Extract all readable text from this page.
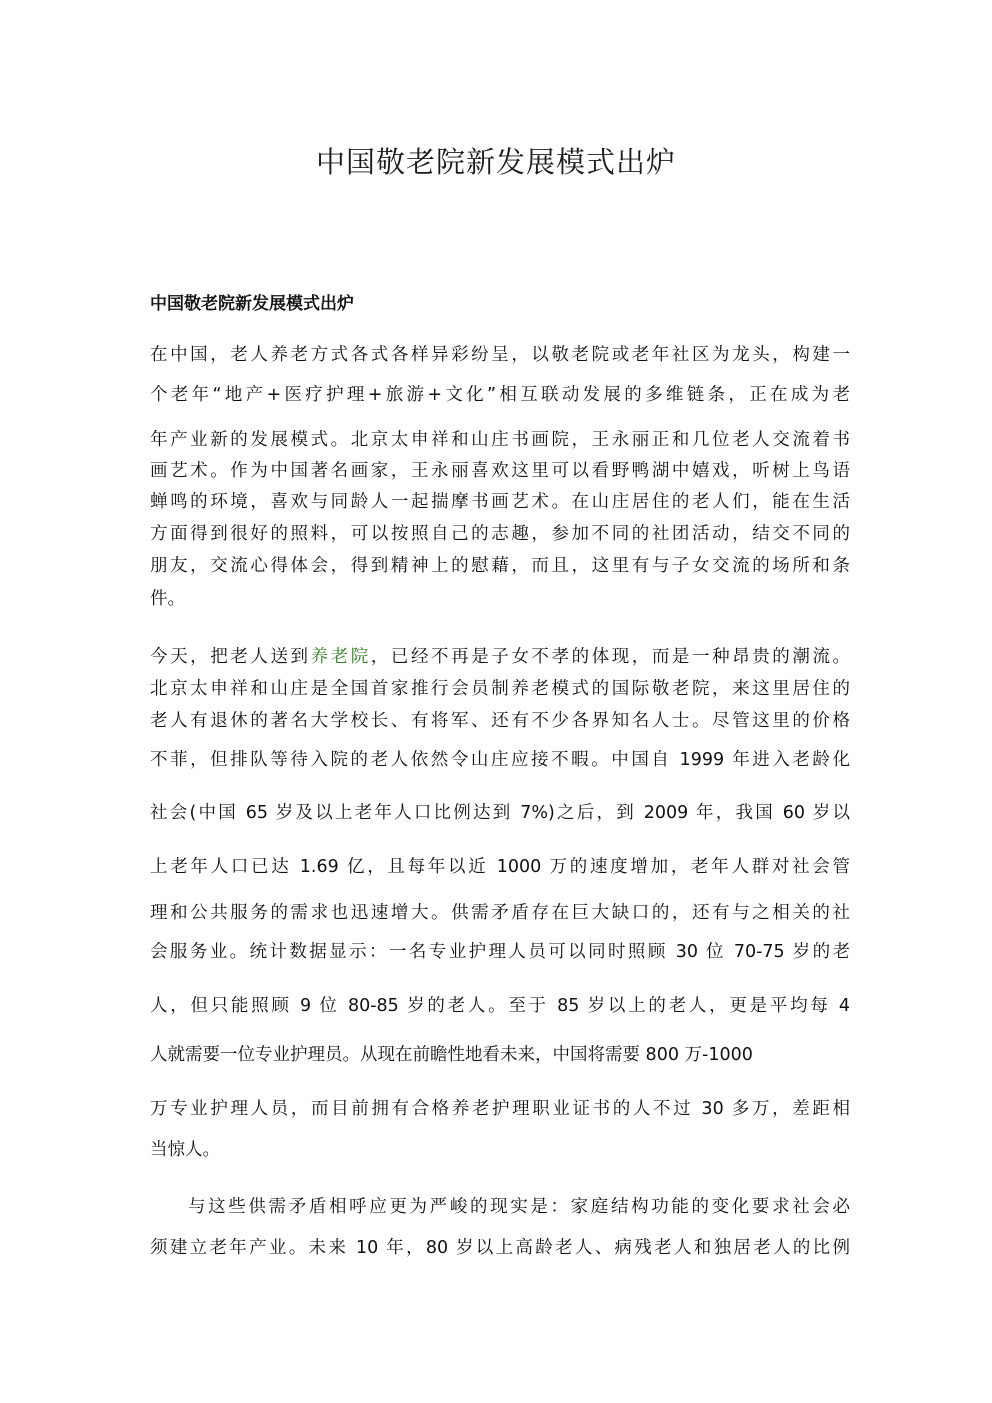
中国敬老院新发展模式出炉
中国敬老院新发展模式出炉

在中国，老人养老方式各式各样异彩纷呈，以敬老院或老年社区为龙头，构建一

个老年“地产+医疗护理+旅游+文化”相互联动发展的多维链条，正在成为老

年产业新的发展模式。北京太申祥和山庄书画院，王永丽正和几位老人交流着书

画艺术。作为中国著名画家，王永丽喜欢这里可以看野鸭湖中嬉戏，听树上鸟语

蝉鸣的环境，喜欢与同龄人一起揣摩书画艺术。在山庄居住的老人们，能在生活

方面得到很好的照料，可以按照自己的志趣，参加不同的社团活动，结交不同的

朋友，交流心得体会，得到精神上的慰藉，而且，这里有与子女交流的场所和条

件。

今天，把老人送到养老院，已经不再是子女不孝的体现，而是一种昂贵的潮流。

北京太申祥和山庄是全国首家推行会员制养老模式的国际敬老院，来这里居住的

老人有退休的著名大学校长、有将军、还有不少各界知名人士。尽管这里的价格

不菲，但排队等待入院的老人依然令山庄应接不暇。中国自 1999 年进入老龄化

社会(中国 65 岁及以上老年人口比例达到 7%)之后，到 2009 年，我国 60 岁以

上老年人口已达 1.69 亿，且每年以近 1000 万的速度增加，老年人群对社会管

理和公共服务的需求也迅速增大。供需矛盾存在巨大缺口的，还有与之相关的社

会服务业。统计数据显示：一名专业护理人员可以同时照顾 30 位 70-75 岁的老

人，但只能照顾 9 位 80-85 岁的老人。至于 85 岁以上的老人，更是平均每 4

人就需要一位专业护理员。从现在前瞻性地看未来，中国将需要 800 万-1000

万专业护理人员，而目前拥有合格养老护理职业证书的人不过 30 多万，差距相

当惊人。

与这些供需矛盾相呼应更为严峻的现实是：家庭结构功能的变化要求社会必

须建立老年产业。未来 10 年，80 岁以上高龄老人、病残老人和独居老人的比例
